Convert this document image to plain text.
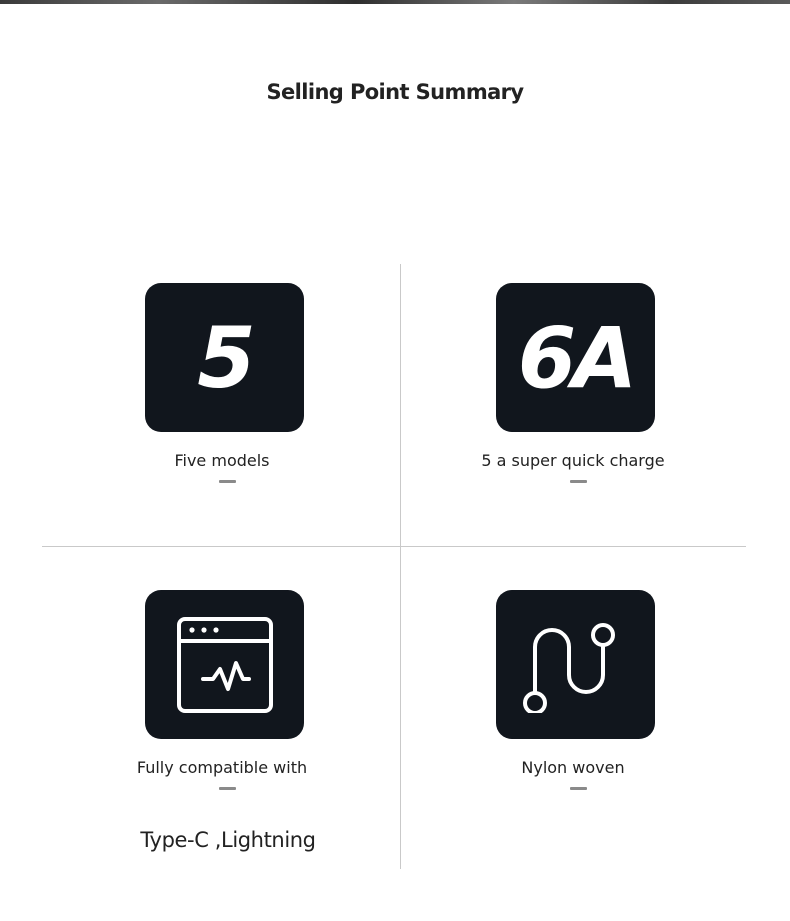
Selling Point Summary
5
Five models
6A
5 a super quick charge
Fully compatible with	Nylon woven
Type-C ,Lightning
